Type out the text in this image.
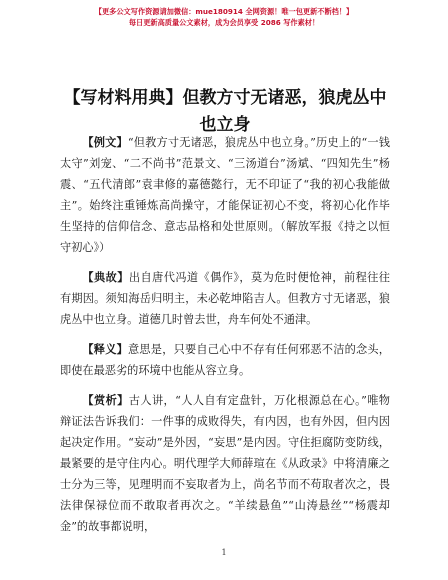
【更多公文写作资源请加微信：mue180914 全网资源！唯一包更新不断档！】
每日更新高质量公文素材，成为会员享受 2086 写作素材！
【写材料用典】但教方寸无诸恶，狼虎丛中也立身

【例文】“但教方寸无诸恶，狼虎丛中也立身。”历史上的“一钱太守”刘宠、“二不尚书”范景文、“三汤道台”汤斌、“四知先生”杨震、“五代清郎”袁聿修的嘉德懿行，无不印证了“我的初心我能做主”。始终注重锤炼高尚操守，才能保证初心不变，将初心化作毕生坚持的信仰信念、意志品格和处世原则。（解放军报《持之以恒守初心》）

【典故】出自唐代冯道《偶作》，莫为危时便怆神，前程往往有期因。须知海岳归明主，未必乾坤陷吉人。但教方寸无诸恶，狼虎丛中也立身。道德几时曾去世，舟车何处不通津。

【释义】意思是，只要自己心中不存有任何邪恶不洁的念头，即使在最恶劣的环境中也能从容立身。

【赏析】古人讲，“人人自有定盘针，万化根源总在心。”唯物辩证法告诉我们：一件事的成败得失，有内因，也有外因，但内因起决定作用。“妄动”是外因，“妄思”是内因。守住拒腐防变防线，最紧要的是守住内心。明代理学大师薛瑄在《从政录》中将清廉之士分为三等，见理明而不妄取者为上，尚名节而不苟取者次之，畏法律保禄位而不敢取者再次之。“羊续悬鱼”“山涛悬丝”“杨震却金”的故事都说明，

1
